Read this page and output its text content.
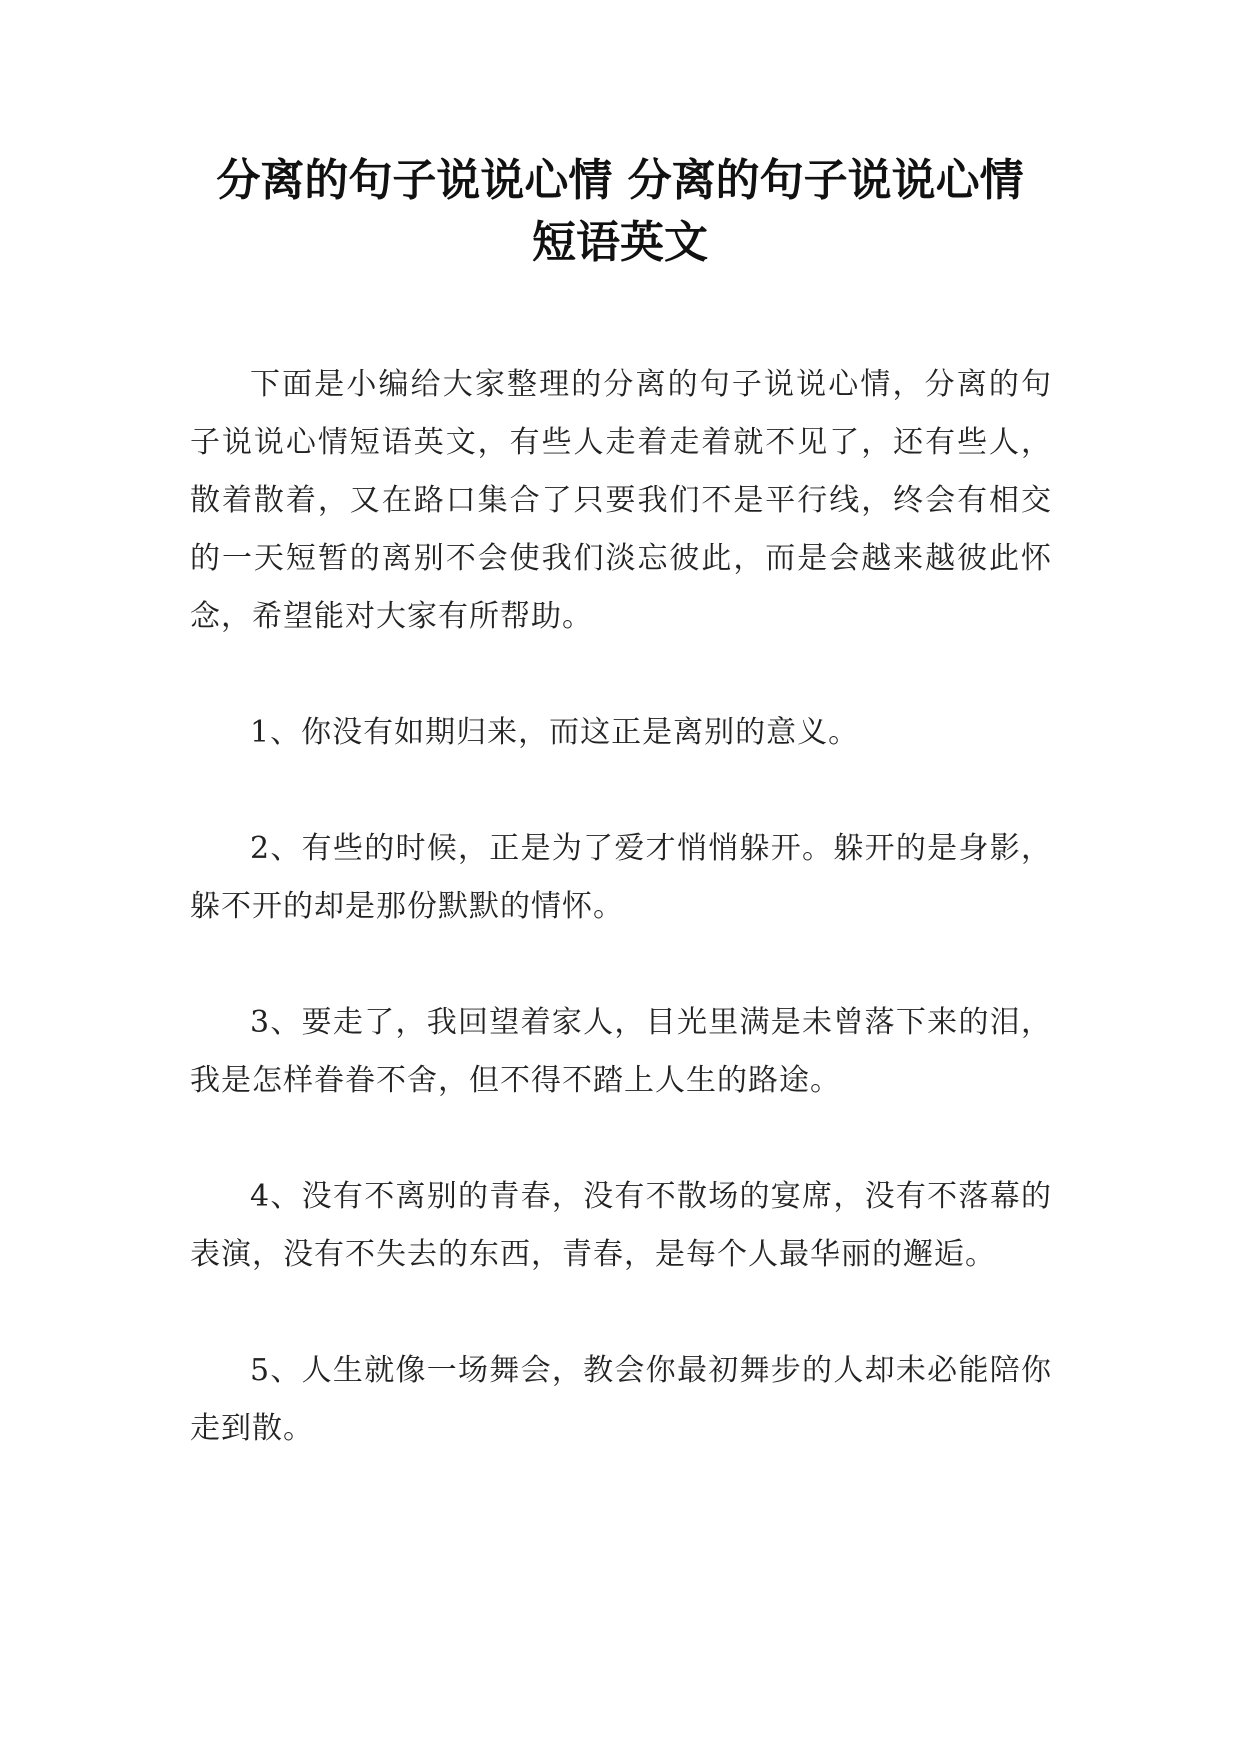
分离的句子说说心情 分离的句子说说心情
短语英文

下面是小编给大家整理的分离的句子说说心情，分离的句子说说心情短语英文，有些人走着走着就不见了，还有些人，散着散着，又在路口集合了只要我们不是平行线，终会有相交的一天短暂的离别不会使我们淡忘彼此，而是会越来越彼此怀念，希望能对大家有所帮助。

1、你没有如期归来，而这正是离别的意义。

2、有些的时候，正是为了爱才悄悄躲开。躲开的是身影，躲不开的却是那份默默的情怀。

3、要走了，我回望着家人，目光里满是未曾落下来的泪，我是怎样眷眷不舍，但不得不踏上人生的路途。

4、没有不离别的青春，没有不散场的宴席，没有不落幕的表演，没有不失去的东西，青春，是每个人最华丽的邂逅。

5、人生就像一场舞会，教会你最初舞步的人却未必能陪你走到散。
